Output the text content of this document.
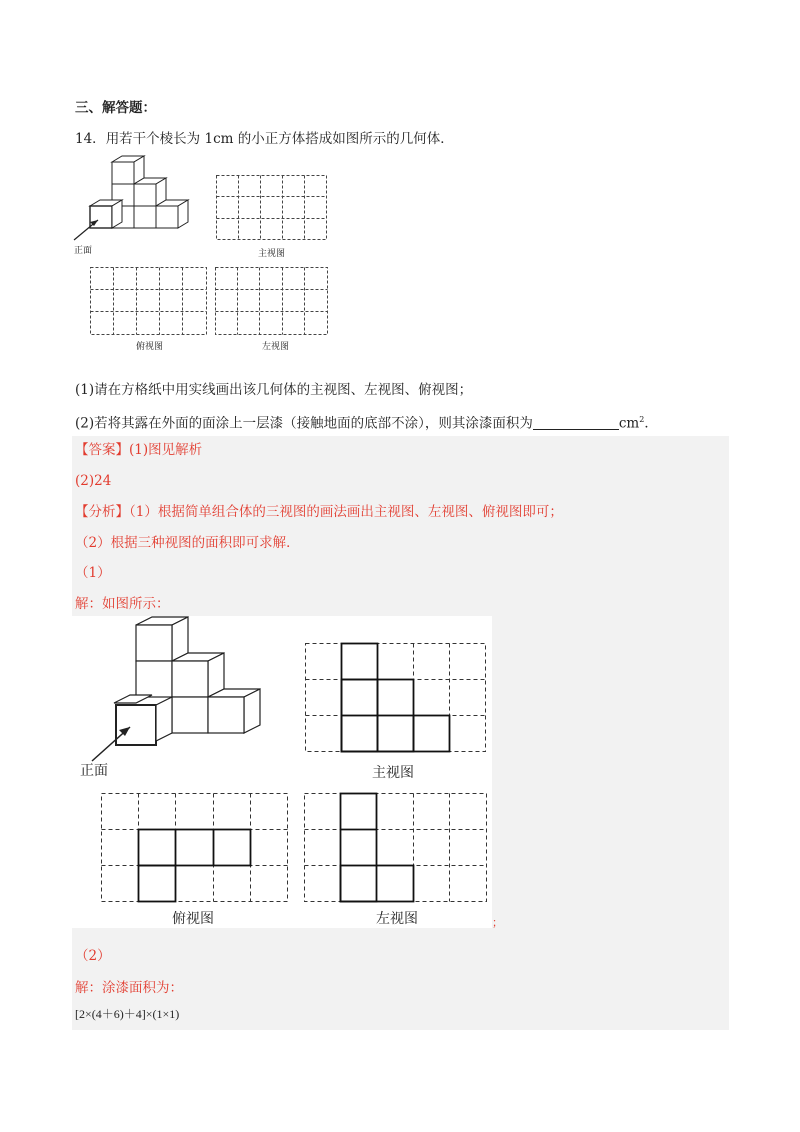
三、解答题：
14．用若干个棱长为 1cm 的小正方体搭成如图所示的几何体．
正面	主视图
俯视图	左视图
(1)请在方格纸中用实线画出该几何体的主视图、左视图、俯视图；
(2)若将其露在外面的面涂上一层漆（接触地面的底部不涂），则其涂漆面积为	$cm^2$．
【答案】(1)图见解析
(2)24
【分析】（1）根据简单组合体的三视图的画法画出主视图、左视图、俯视图即可；
（2）根据三种视图的面积即可求解．
（1）
解：如图所示：
正面	主视图
俯视图	左视图	；
（2）
解：涂漆面积为：
[2×(4＋6)＋4]×(1×1)
